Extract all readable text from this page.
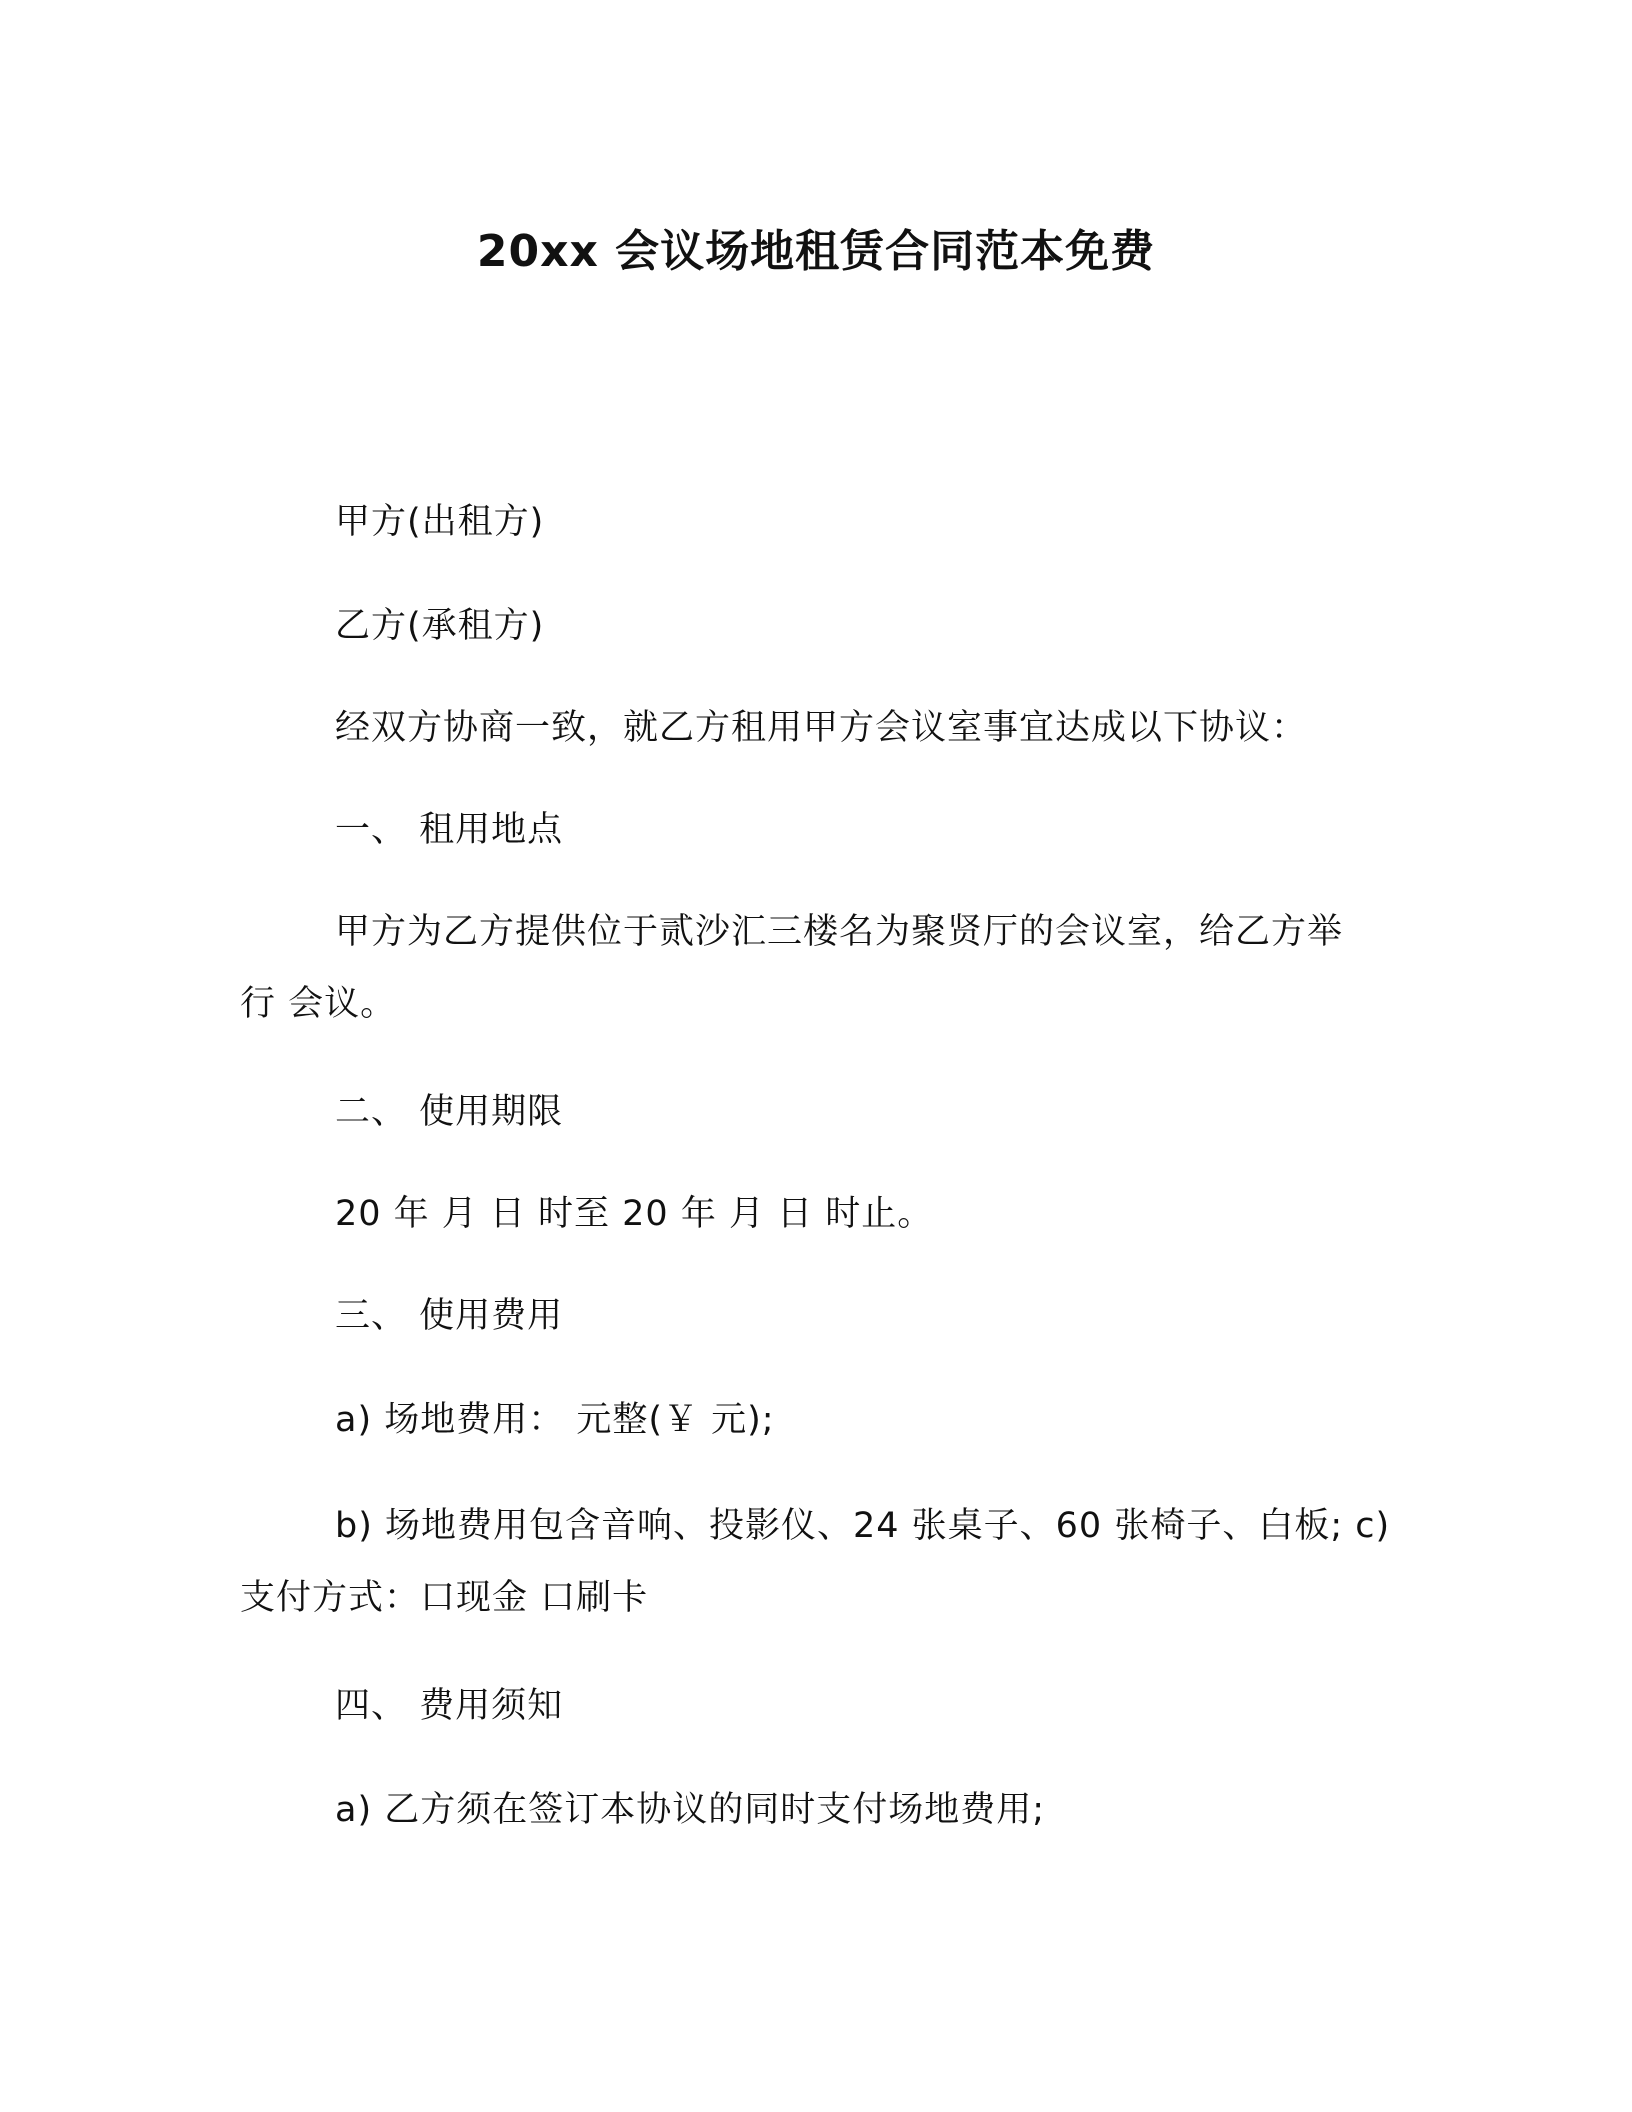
20xx 会议场地租赁合同范本免费
甲方(出租方)
乙方(承租方)
经双方协商一致，就乙方租用甲方会议室事宜达成以下协议：
一、 租用地点
甲方为乙方提供位于贰沙汇三楼名为聚贤厅的会议室，给乙方举
行 会议。
二、 使用期限
20 年 月 日 时至 20 年 月 日 时止。
三、 使用费用
a) 场地费用： 元整(￥ 元);
b) 场地费用包含音响、投影仪、24 张桌子、60 张椅子、白板; c)
支付方式：口现金 口刷卡
四、 费用须知
a) 乙方须在签订本协议的同时支付场地费用;
